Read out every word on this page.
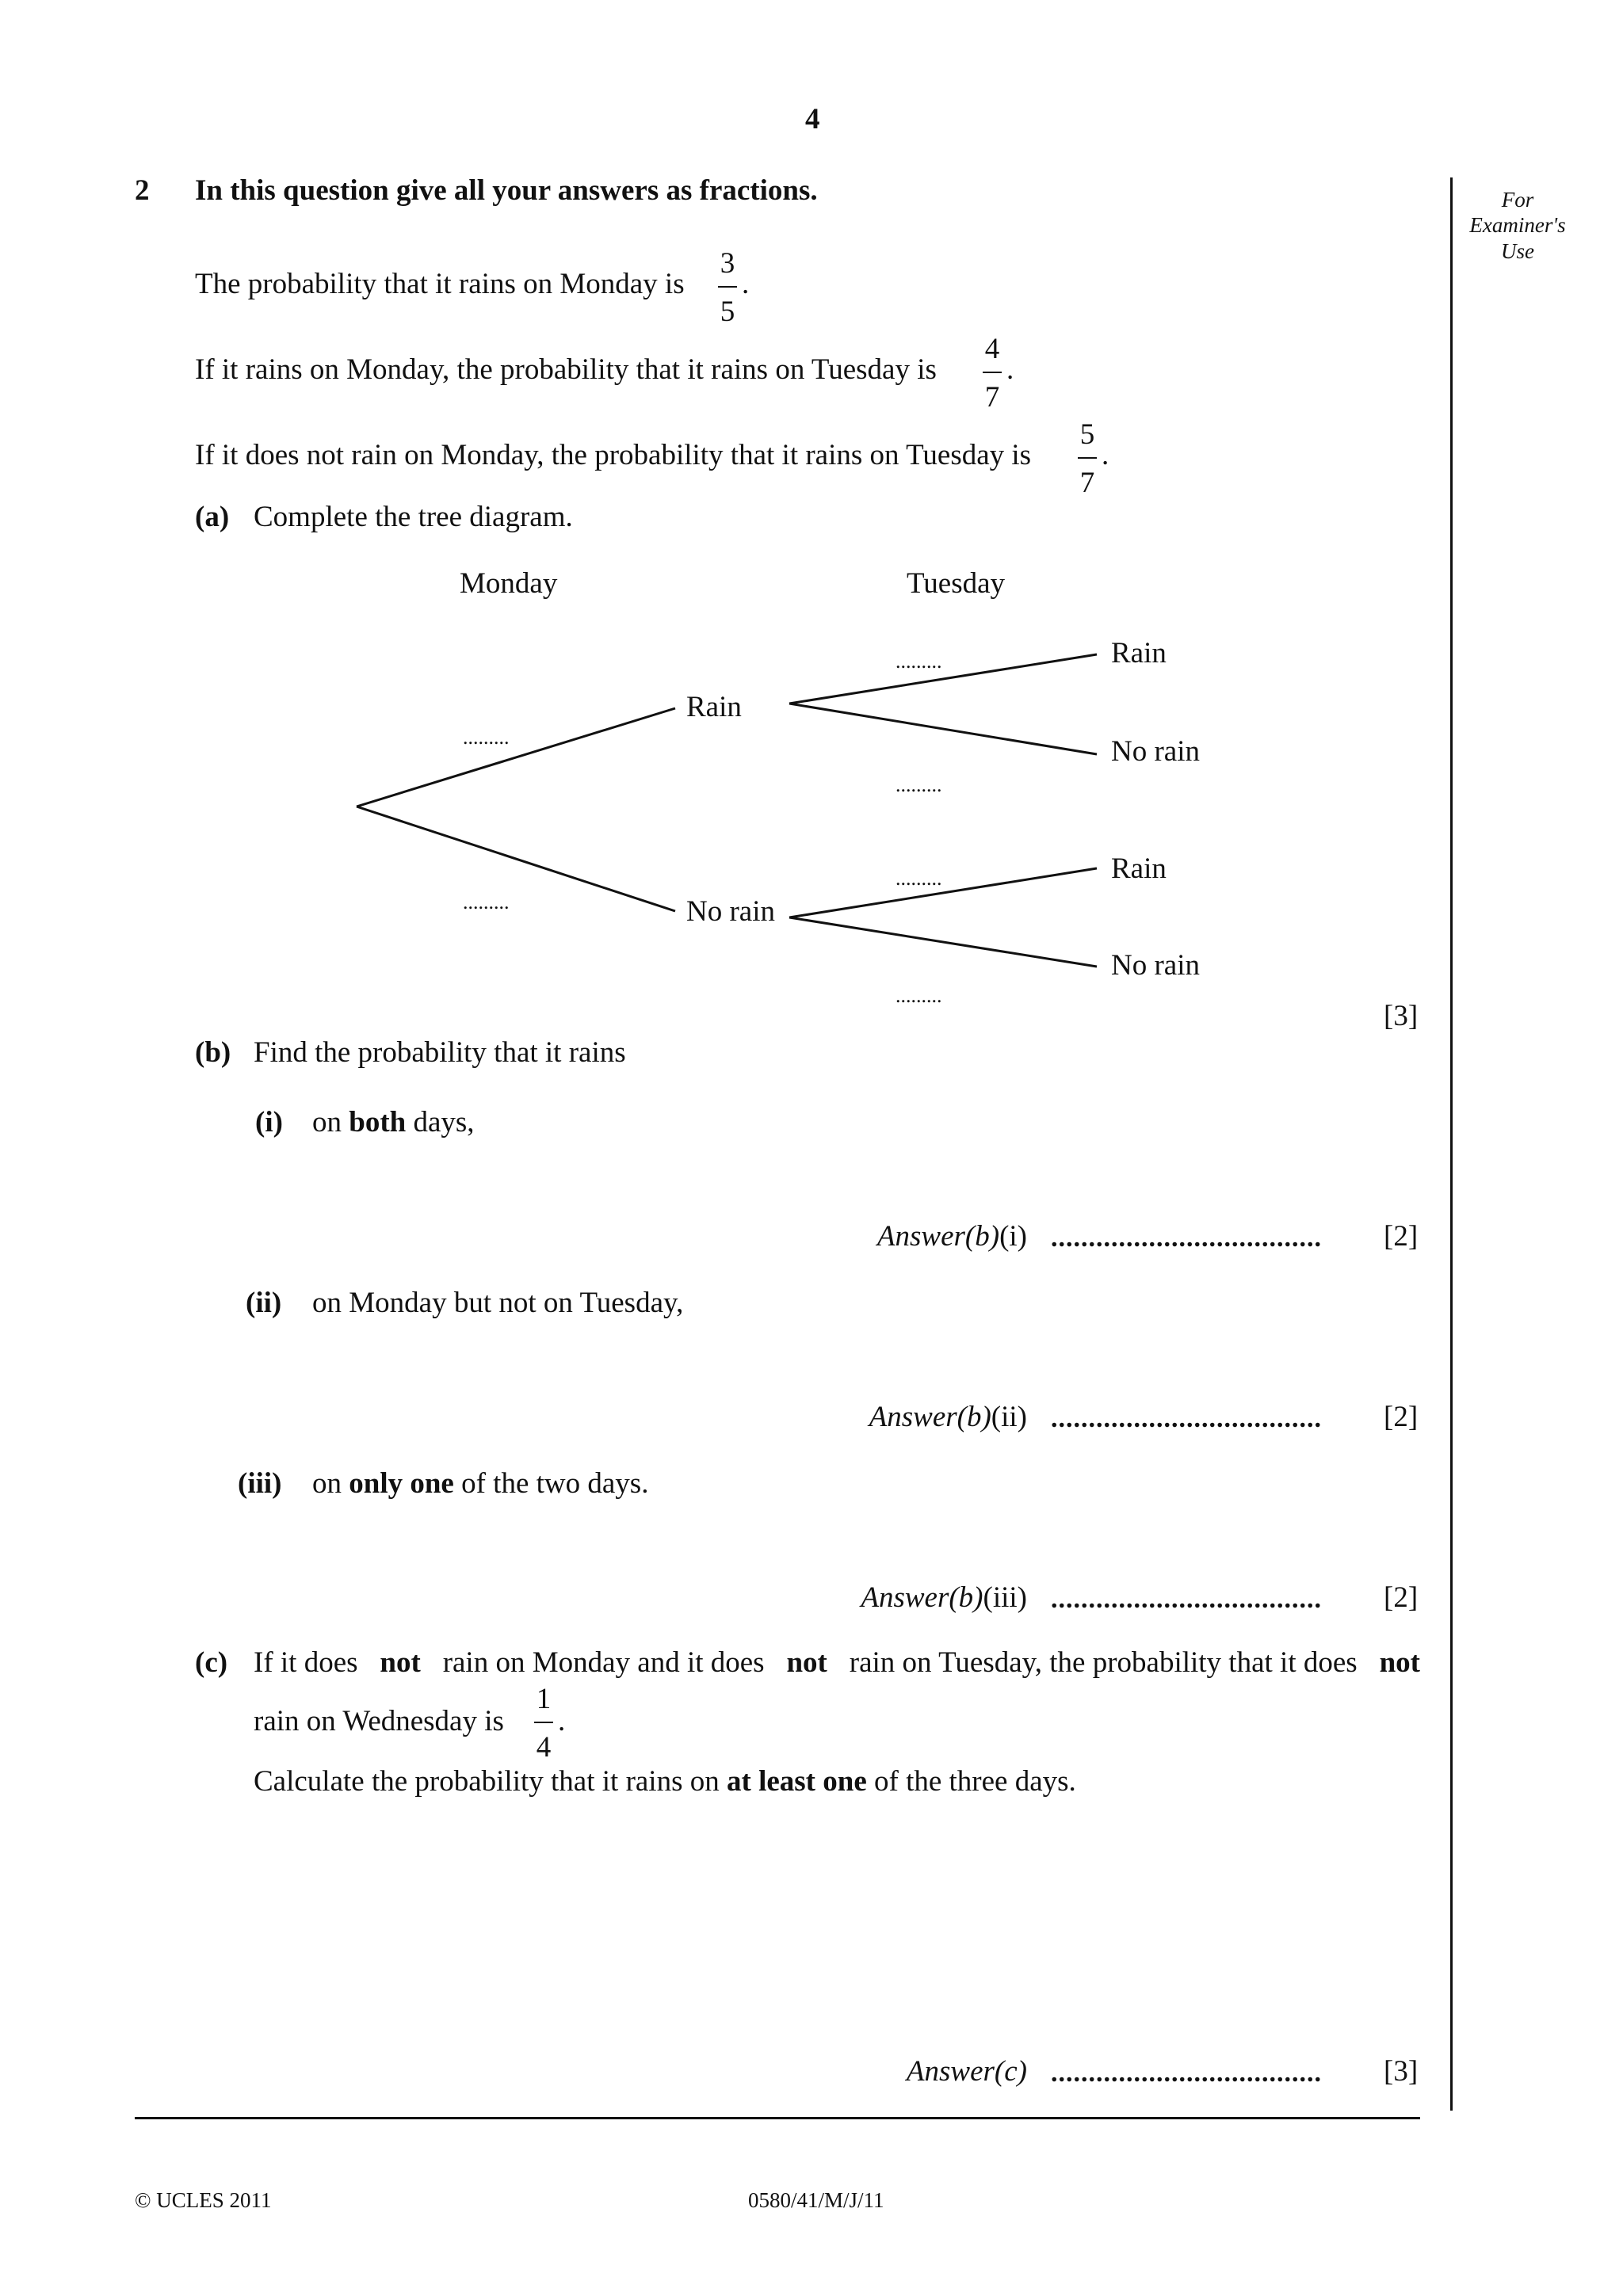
4
For Examiner's Use
2 In this question give all your answers as fractions.
The probability that it rains on Monday is
3
5
.
If it rains on Monday, the probability that it rains on Tuesday is
4
7
.
If it does not rain on Monday, the probability that it rains on Tuesday is
5
7
.
(a) Complete the tree diagram.
Monday	Tuesday
Rain
No rain
Rain
No rain
Rain
No rain
.........
.........
.........
.........
.........
.........
[3]
(b) Find the probability that it rains
(i) on both days,
Answer(b)(i) .................................... [2]
(ii) on Monday but not on Tuesday,
Answer(b)(ii) .................................... [2]
(iii) on only one of the two days.
Answer(b)(iii) .................................... [2]
(c) If it does not rain on Monday and it does not rain on Tuesday, the probability that it does not
rain on Wednesday is
1
4
.
Calculate the probability that it rains on at least one of the three days.
Answer(c) .................................... [3]
© UCLES 2011	0580/41/M/J/11
